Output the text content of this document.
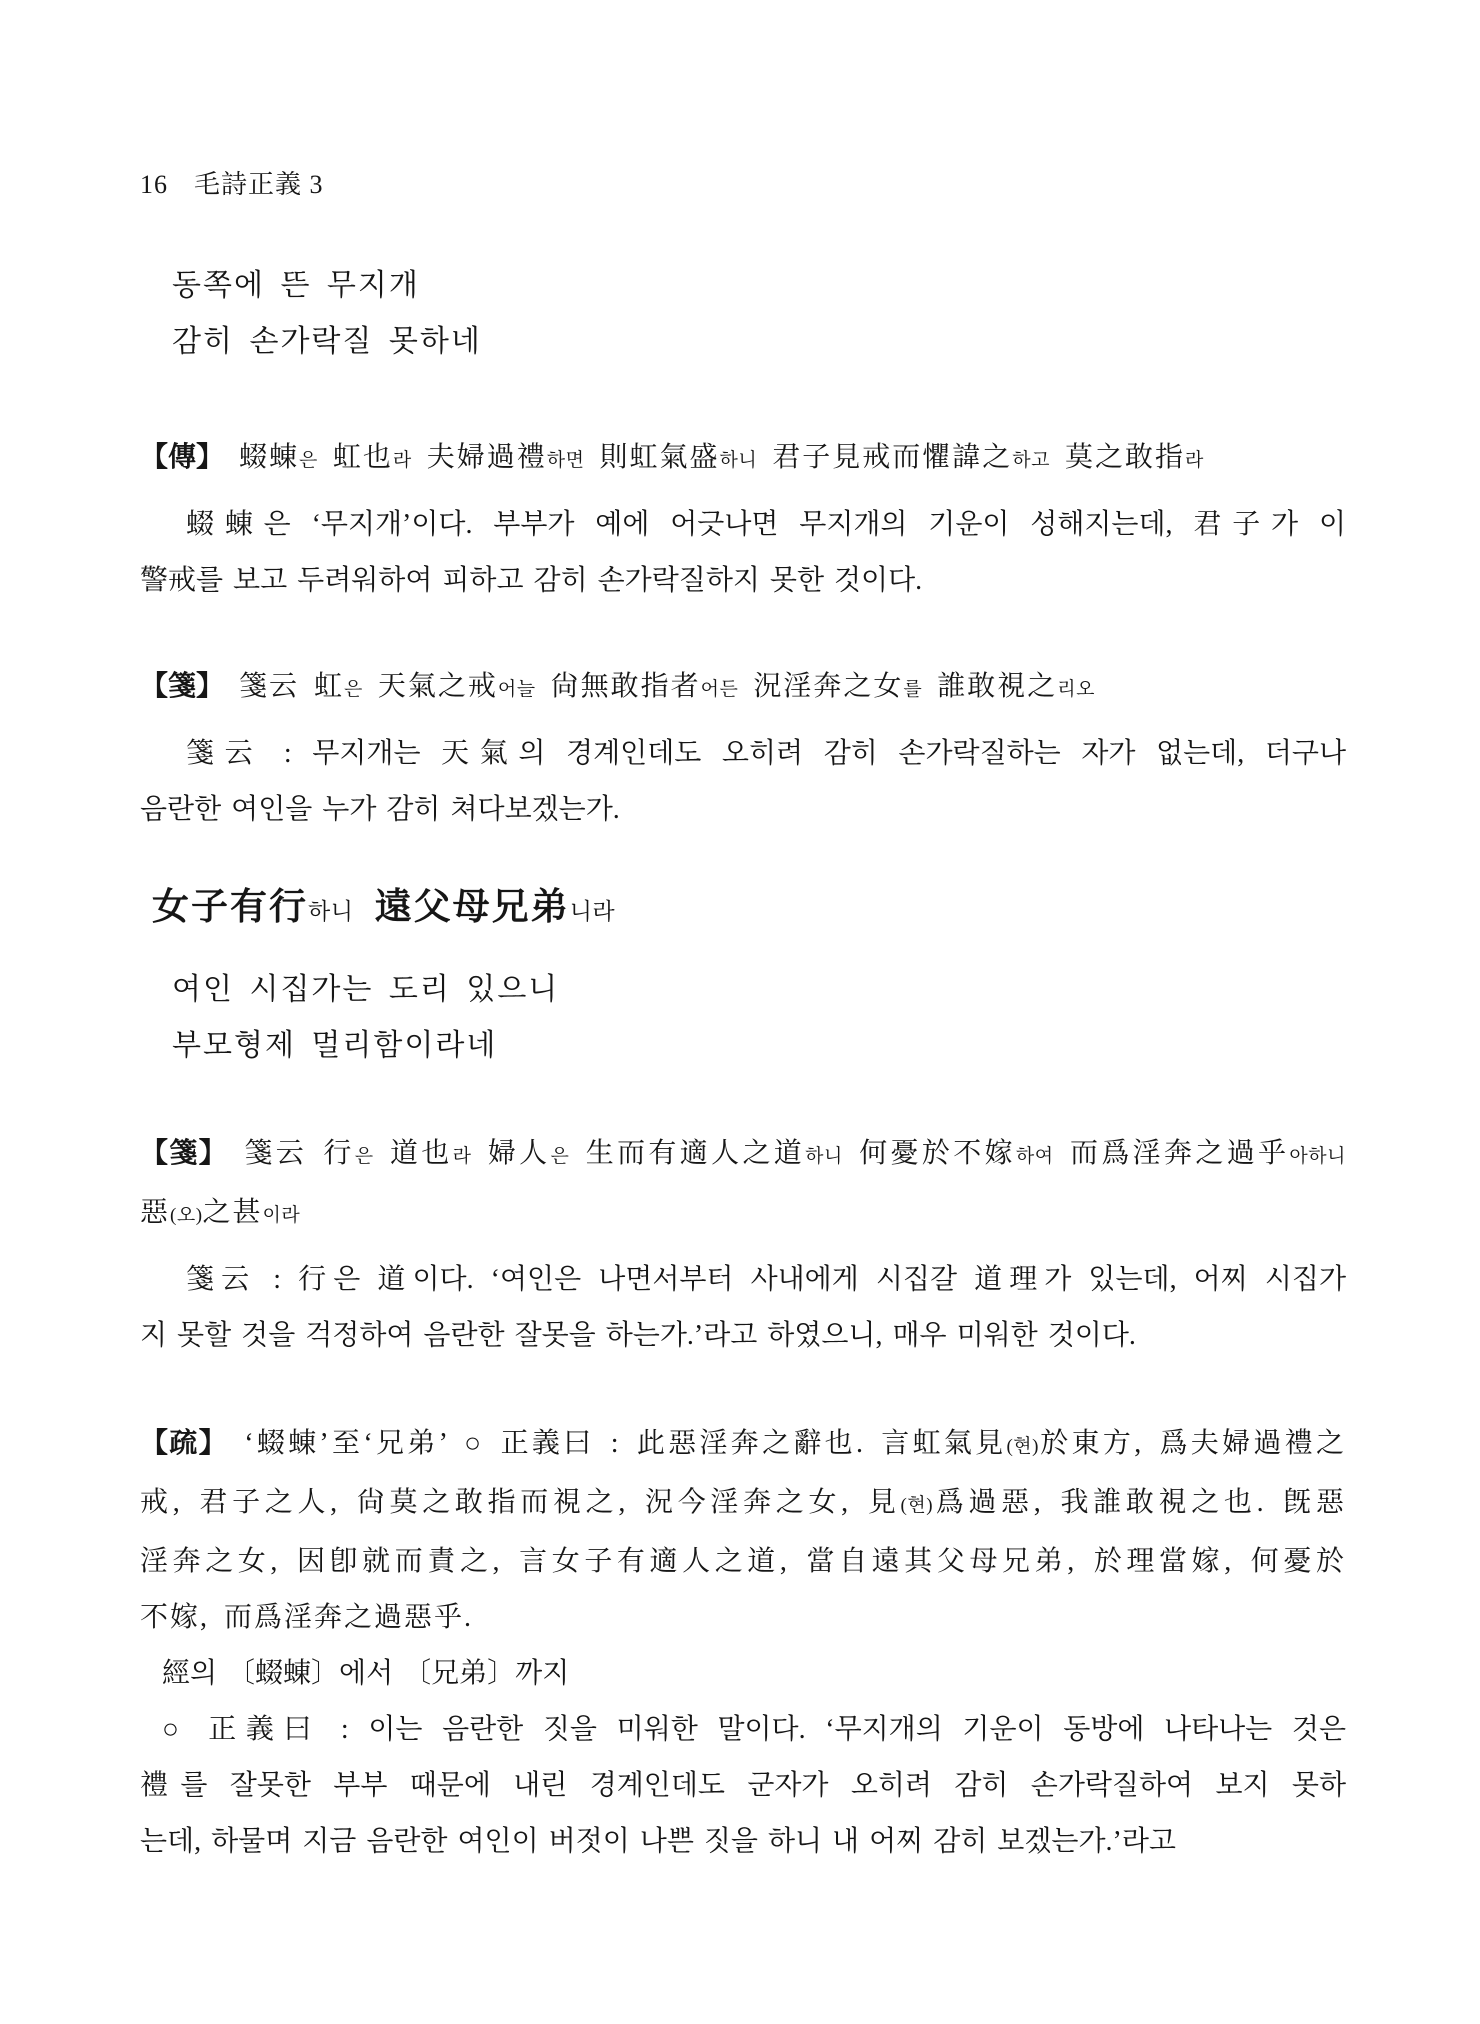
16 毛詩正義 3
동쪽에 뜬 무지개
감히 손가락질 못하네
【傳】 蝃蝀은 虹也라 夫婦過禮하면 則虹氣盛하니 君子見戒而懼諱之하고 莫之敢指라
蝃蝀은 ‘무지개’이다. 부부가 예에 어긋나면 무지개의 기운이 성해지는데, 君子가 이
警戒를 보고 두려워하여 피하고 감히 손가락질하지 못한 것이다.
【箋】 箋云 虹은 天氣之戒어늘 尙無敢指者어든 況淫奔之女를 誰敢視之리오
箋云 : 무지개는 天氣의 경계인데도 오히려 감히 손가락질하는 자가 없는데, 더구나
음란한 여인을 누가 감히 쳐다보겠는가.
女子有行하니 遠父母兄弟니라
여인 시집가는 도리 있으니
부모형제 멀리함이라네
【箋】 箋云 行은 道也라 婦人은 生而有適人之道하니 何憂於不嫁하여 而爲淫奔之過乎아하니
惡(오)之甚이라
箋云 : 行은 道이다. ‘여인은 나면서부터 사내에게 시집갈 道理가 있는데, 어찌 시집가
지 못할 것을 걱정하여 음란한 잘못을 하는가.’라고 하였으니, 매우 미워한 것이다.
【疏】 ‘蝃蝀’至‘兄弟’ ○ 正義曰 : 此惡淫奔之辭也. 言虹氣見(현)於東方, 爲夫婦過禮之
戒, 君子之人, 尙莫之敢指而視之, 況今淫奔之女, 見(현)爲過惡, 我誰敢視之也. 旣惡
淫奔之女, 因卽就而責之, 言女子有適人之道, 當自遠其父母兄弟, 於理當嫁, 何憂於
不嫁, 而爲淫奔之過惡乎.
經의 〔蝃蝀〕에서 〔兄弟〕까지
○ 正義曰 : 이는 음란한 짓을 미워한 말이다. ‘무지개의 기운이 동방에 나타나는 것은
禮를 잘못한 부부 때문에 내린 경계인데도 군자가 오히려 감히 손가락질하여 보지 못하
는데, 하물며 지금 음란한 여인이 버젓이 나쁜 짓을 하니 내 어찌 감히 보겠는가.’라고
